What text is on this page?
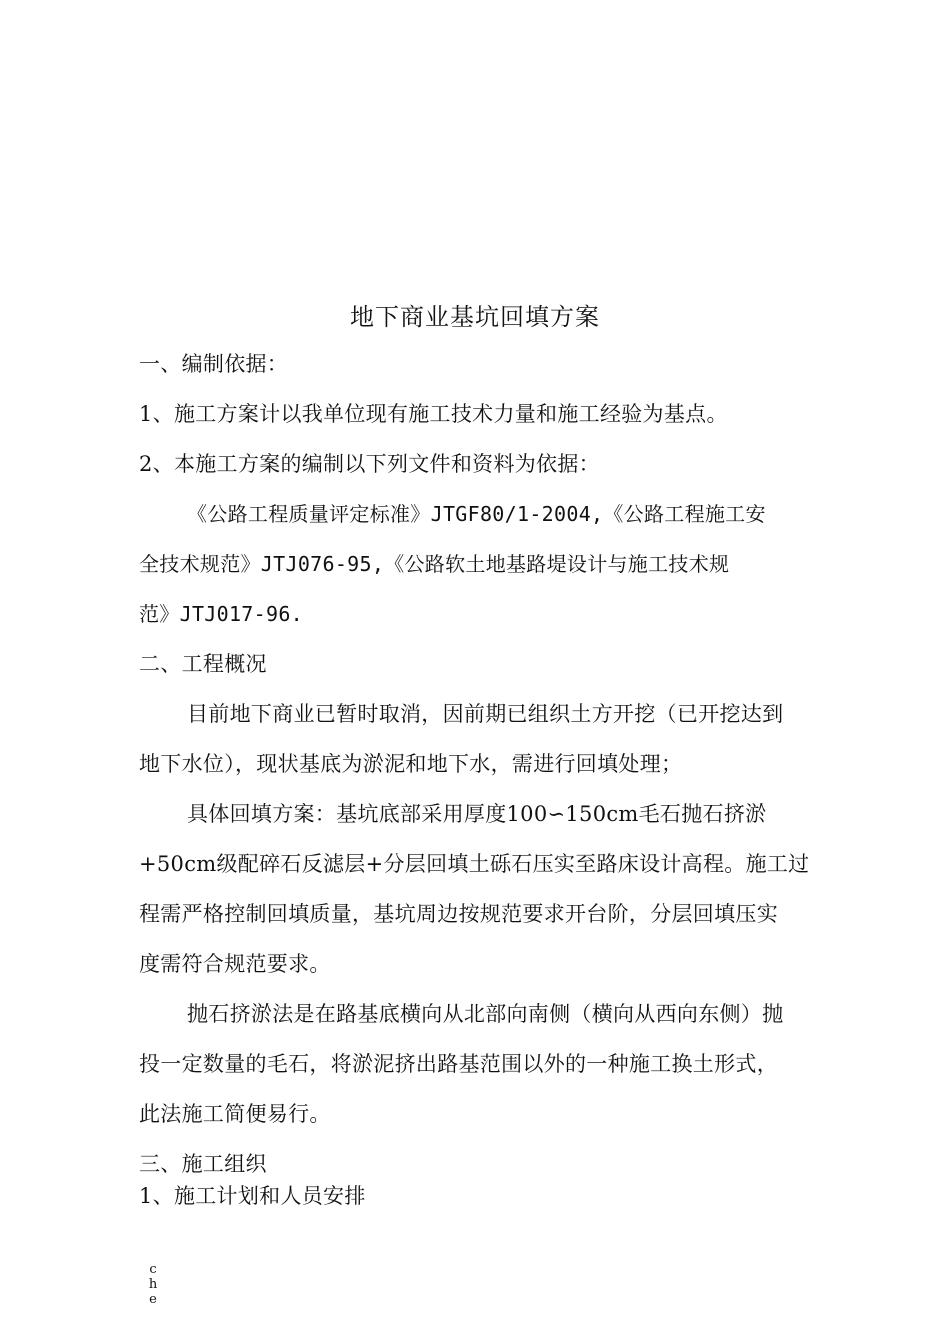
地下商业基坑回填方案
一、编制依据：
1、施工方案计以我单位现有施工技术力量和施工经验为基点。
2、本施工方案的编制以下列文件和资料为依据：
《公路工程质量评定标准》JTGF80/1-2004,《公路工程施工安
全技术规范》JTJ076-95,《公路软土地基路堤设计与施工技术规
范》JTJ017-96.
二、工程概况
目前地下商业已暂时取消，因前期已组织土方开挖（已开挖达到
地下水位），现状基底为淤泥和地下水，需进行回填处理；
具体回填方案：基坑底部采用厚度100∽150cm毛石抛石挤淤
+50cm级配碎石反滤层+分层回填土砾石压实至路床设计高程。施工过
程需严格控制回填质量，基坑周边按规范要求开台阶，分层回填压实
度需符合规范要求。
抛石挤淤法是在路基底横向从北部向南侧（横向从西向东侧）抛
投一定数量的毛石，将淤泥挤出路基范围以外的一种施工换土形式，
此法施工简便易行。
三、施工组织
1、施工计划和人员安排
c
h
e
